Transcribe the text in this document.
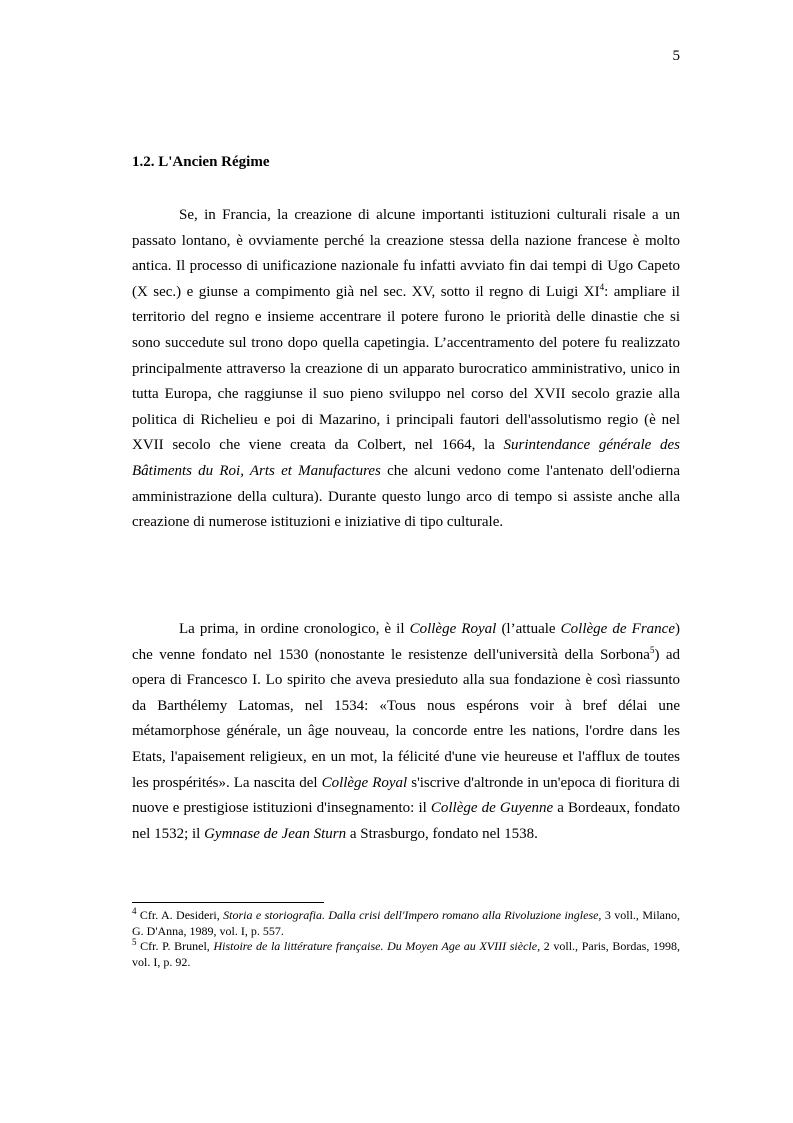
5
1.2. L'Ancien Régime

Se, in Francia, la creazione di alcune importanti istituzioni culturali risale a un passato lontano, è ovviamente perché la creazione stessa della nazione francese è molto antica. Il processo di unificazione nazionale fu infatti avviato fin dai tempi di Ugo Capeto (X sec.) e giunse a compimento già nel sec. XV, sotto il regno di Luigi $XI^4$: ampliare il territorio del regno e insieme accentrare il potere furono le priorità delle dinastie che si sono succedute sul trono dopo quella capetingia. L’accentramento del potere fu realizzato principalmente attraverso la creazione di un apparato burocratico amministrativo, unico in tutta Europa, che raggiunse il suo pieno sviluppo nel corso del XVII secolo grazie alla politica di Richelieu e poi di Mazarino, i principali fautori dell'assolutismo regio (è nel XVII secolo che viene creata da Colbert, nel 1664, la Surintendance générale des Bâtiments du Roi, Arts et Manufactures che alcuni vedono come l'antenato dell'odierna amministrazione della cultura). Durante questo lungo arco di tempo si assiste anche alla creazione di numerose istituzioni e iniziative di tipo culturale.

La prima, in ordine cronologico, è il Collège Royal (l’attuale Collège de France) che venne fondato nel 1530 (nonostante le resistenze dell'università della Sorbona$^5$) ad opera di Francesco I. Lo spirito che aveva presieduto alla sua fondazione è così riassunto da Barthélemy Latomas, nel 1534: «Tous nous espérons voir à bref délai une métamorphose générale, un âge nouveau, la concorde entre les nations, l'ordre dans les Etats, l'apaisement religieux, en un mot, la félicité d'une vie heureuse et l'afflux de toutes les prospérités». La nascita del Collège Royal s'iscrive d'altronde in un'epoca di fioritura di nuove e prestigiose istituzioni d'insegnamento: il Collège de Guyenne a Bordeaux, fondato nel 1532; il Gymnase de Jean Sturn a Strasburgo, fondato nel 1538.

$^4$ Cfr. A. Desideri, Storia e storiografia. Dalla crisi dell'Impero romano alla Rivoluzione inglese, 3 voll., Milano, G. D'Anna, 1989, vol. I, p. 557.

$^5$ Cfr. P. Brunel, Histoire de la littérature française. Du Moyen Age au XVIII siècle, 2 voll., Paris, Bordas, 1998, vol. I, p. 92.
